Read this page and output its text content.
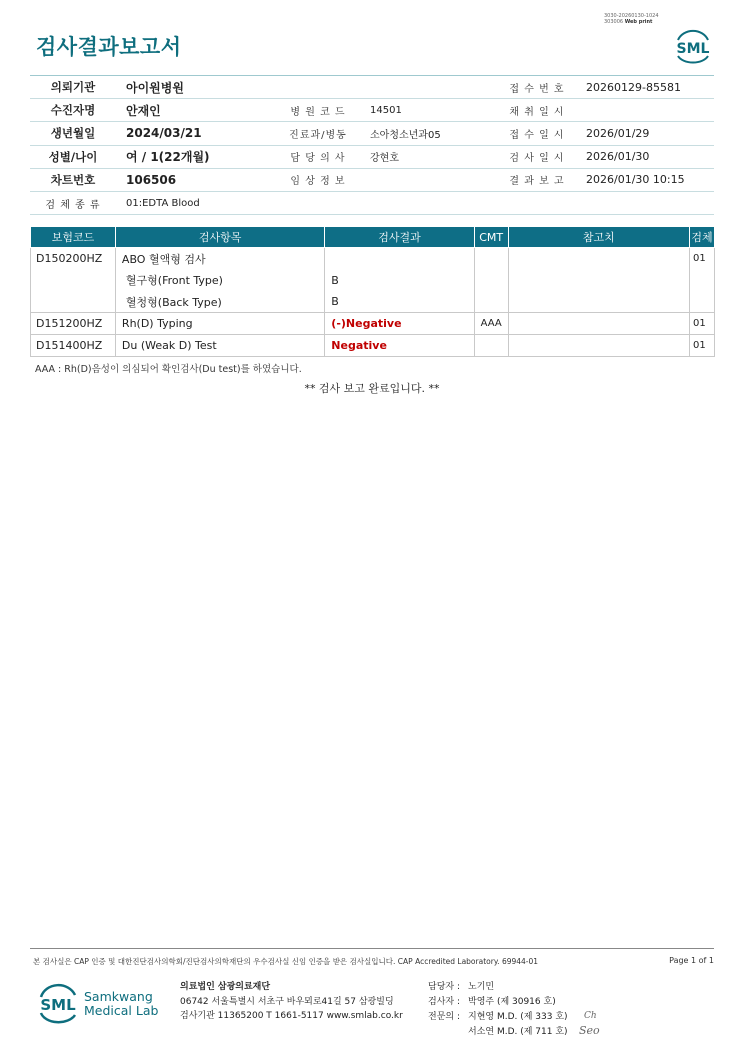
3030-20260130-1024
303006 Web print
검사결과보고서	SML
의뢰기관	아이원병원	접 수 번 호	20260129-85581
수진자명	안재인	병 원 코 드	14501	채 취 일 시
생년월일	2024/03/21	진료과/병동	소아청소년과05	접 수 일 시	2026/01/29
성별/나이	여 / 1(22개월)	담 당 의 사	강현호	검 사 일 시	2026/01/30
차트번호	106506	임 상 정 보	결 과 보 고	2026/01/30 10:15
검 체 종 류	01:EDTA Blood
보험코드	검사항목	검사결과	CMT	참고치	검체
D150200HZ	ABO 혈액형 검사				01
	혈구형(Front Type)	B			
	혈청형(Back Type)	B			
D151200HZ	Rh(D) Typing	(-)Negative	AAA		01
D151400HZ	Du (Weak D) Test	Negative			01
AAA : Rh(D)음성이 의심되어 확인검사(Du test)를 하였습니다.
** 검사 보고 완료입니다. **
본 검사실은 CAP 인증 및 대한진단검사의학회/진단검사의학재단의 우수검사실 신임 인증을 받은 검사실입니다. CAP Accredited Laboratory. 69944-01	Page 1 of 1
SML Samkwang
Medical Lab
의료법인 삼광의료재단
06742 서울특별시 서초구 바우뫼로41길 57 삼광빌딩
검사기관 11365200 T 1661-5117 www.smlab.co.kr
담당자 : 노기민
검사자 : 박영주 (제 30916 호)
전문의 : 지현영 M.D. (제 333 호)
서소연 M.D. (제 711 호)
Ch
Seo
